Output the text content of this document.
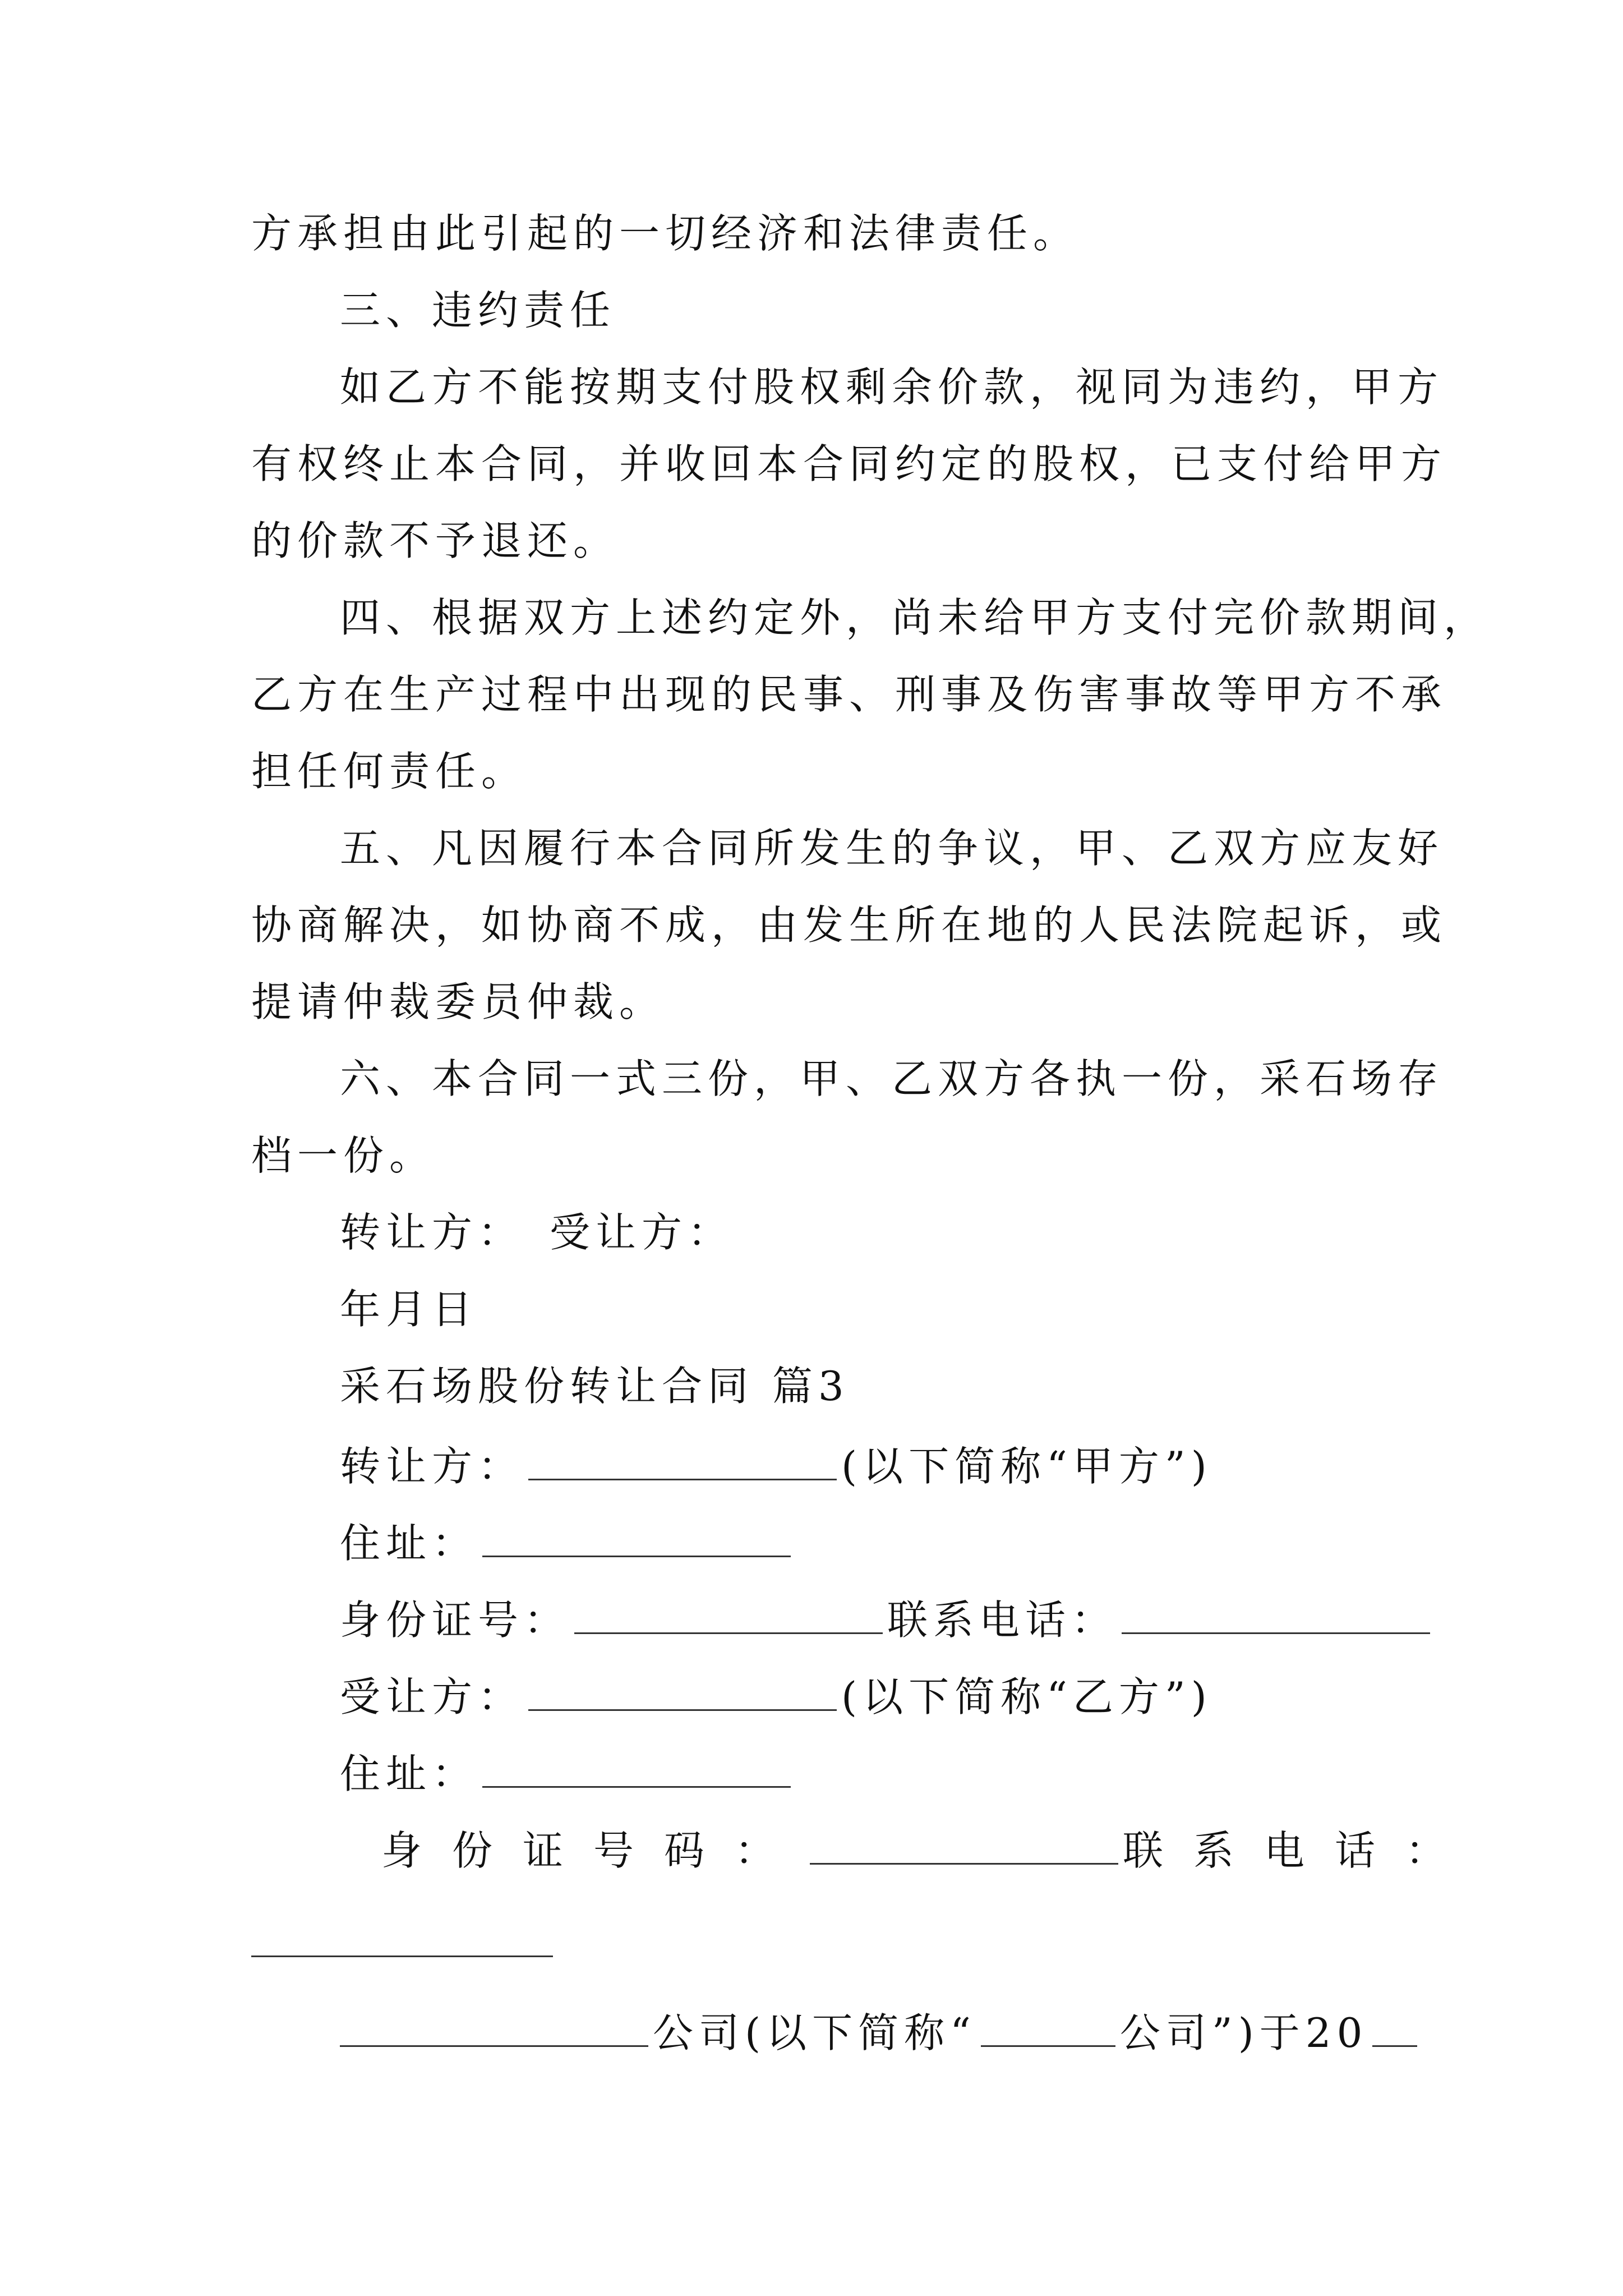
方承担由此引起的一切经济和法律责任。
三、违约责任
如乙方不能按期支付股权剩余价款，视同为违约，甲方
有权终止本合同，并收回本合同约定的股权，已支付给甲方
的价款不予退还。
四、根据双方上述约定外，尚未给甲方支付完价款期间，
乙方在生产过程中出现的民事、刑事及伤害事故等甲方不承
担任何责任。
五、凡因履行本合同所发生的争议，甲、乙双方应友好
协商解决，如协商不成，由发生所在地的人民法院起诉，或
提请仲裁委员仲裁。
六、本合同一式三份，甲、乙双方各执一份，采石场存
档一份。
转让方：　受让方：
年月日
采石场股份转让合同 篇3
转让方：	(以下简称“甲方”)
住址：
身份证号：	联系电话：
受让方：	(以下简称“乙方”)
住址：
身份证号码：	联系电话：
公司(以下简称“	公司”)于20
